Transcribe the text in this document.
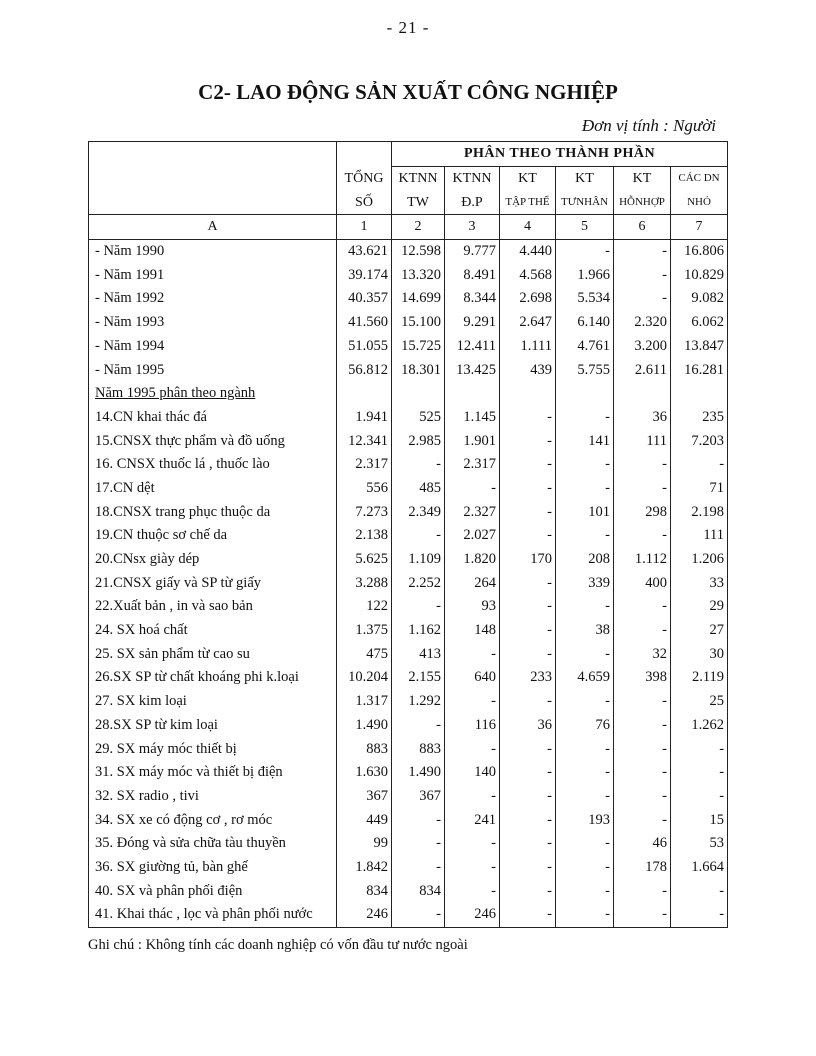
- 21 -
C2- LAO ĐỘNG SẢN XUẤT CÔNG NGHIỆP
Đơn vị tính : Người
		PHÂN THEO THÀNH PHẦN					
	TỔNG	KTNN	KTNN	KT	KT	KT	CÁC DN
	SỐ	TW	Đ.P	TẬP THỂ	TƯNHÂN	HỖNHỢP	NHỎ
A	1	2	3	4	5	6	7
- Năm 1990	43.621	12.598	9.777	4.440	-	-	16.806
- Năm 1991	39.174	13.320	8.491	4.568	1.966	-	10.829
- Năm 1992	40.357	14.699	8.344	2.698	5.534	-	9.082
- Năm 1993	41.560	15.100	9.291	2.647	6.140	2.320	6.062
- Năm 1994	51.055	15.725	12.411	1.111	4.761	3.200	13.847
- Năm 1995	56.812	18.301	13.425	439	5.755	2.611	16.281
Năm 1995 phân theo ngành							
14.CN khai thác đá	1.941	525	1.145	-	-	36	235
15.CNSX thực phẩm và đồ uống	12.341	2.985	1.901	-	141	111	7.203
16. CNSX thuốc lá , thuốc lào	2.317	-	2.317	-	-	-	-
17.CN dệt	556	485	-	-	-	-	71
18.CNSX trang phục thuộc da	7.273	2.349	2.327	-	101	298	2.198
19.CN thuộc sơ chế da	2.138	-	2.027	-	-	-	111
20.CNsx giày dép	5.625	1.109	1.820	170	208	1.112	1.206
21.CNSX giấy và SP từ giấy	3.288	2.252	264	-	339	400	33
22.Xuất bản , in và sao bản	122	-	93	-	-	-	29
24. SX hoá chất	1.375	1.162	148	-	38	-	27
25. SX sản phẩm từ cao su	475	413	-	-	-	32	30
26.SX SP từ chất khoáng phi k.loại	10.204	2.155	640	233	4.659	398	2.119
27. SX kim loại	1.317	1.292	-	-	-	-	25
28.SX SP từ kim loại	1.490	-	116	36	76	-	1.262
29. SX máy móc thiết bị	883	883	-	-	-	-	-
31. SX máy móc và thiết bị điện	1.630	1.490	140	-	-	-	-
32. SX radio , tivi	367	367	-	-	-	-	-
34. SX xe có động cơ , rơ móc	449	-	241	-	193	-	15
35. Đóng và sửa chữa tàu thuyền	99	-	-	-	-	46	53
36. SX giường tủ, bàn ghế	1.842	-	-	-	-	178	1.664
40. SX và phân phối điện	834	834	-	-	-	-	-
41. Khai thác , lọc và phân phối nước	246	-	246	-	-	-	-
Ghi chú : Không tính các doanh nghiệp có vốn đầu tư nước ngoài
